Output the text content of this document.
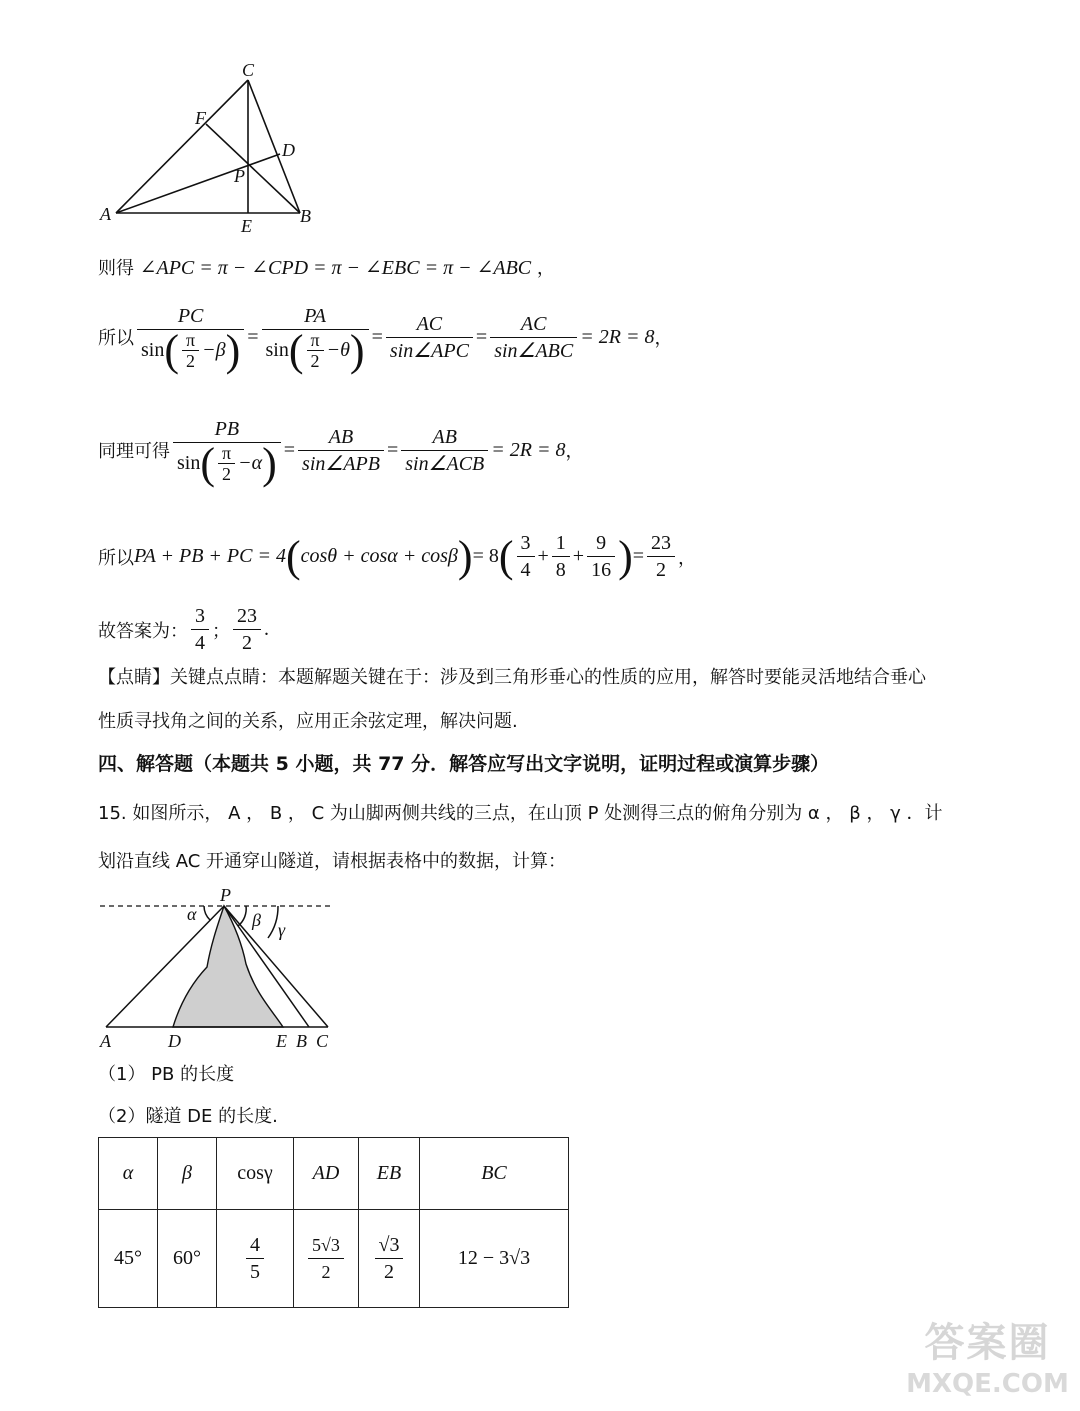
C
F
D
P
A
E	B
则得 ∠APC = π − ∠CPD = π − ∠EBC = π − ∠ABC ，
所以 $\frac{PC}{\sin ( \frac{\pi}{2} -\beta )} = \frac{PA}{\sin ( \frac{\pi}{2} -\theta )} = \frac{AC}{\text{sin∠APC}} = \frac{AC}{\text{sin∠ABC}} = 2R = 8$ ，
同理可得 $\frac{PB}{\sin ( \frac{\pi}{2} -\alpha )} = \frac{AB}{\text{sin∠APB}} = \frac{AB}{\text{sin∠ACB}} = 2R = 8$ ，
所以 PA + PB + PC = 4 ( cosθ + cosα + cosβ ) = 8 ( $\frac{3}{4} + \frac{1}{8} + \frac{9}{16}$ ) = $\frac{23}{2}$ ，
故答案为： $\frac{3}{4}$ ； $\frac{23}{2}$ .
【点睛】关键点点睛：本题解题关键在于：涉及到三角形垂心的性质的应用，解答时要能灵活地结合垂心
性质寻找角之间的关系，应用正余弦定理，解决问题.
四、解答题（本题共 5 小题，共 77 分．解答应写出文字说明，证明过程或演算步骤）
15. 如图所示， A ， B ， C 为山脚两侧共线的三点，在山顶 P 处测得三点的俯角分别为 α ， β ， γ ．计
划沿直线 AC 开通穿山隧道，请根据表格中的数据，计算：
P
α	β γ
A	D	E B C
（1） PB 的长度
（2）隧道 DE 的长度.
α	β	cosγ	AD	EB	BC
45°	60°	$\frac{4}{5}$	$\frac{5√3}{2}$	$\frac{√3}{2}$	12 − 3√3
答案圈
MXQE.COM
